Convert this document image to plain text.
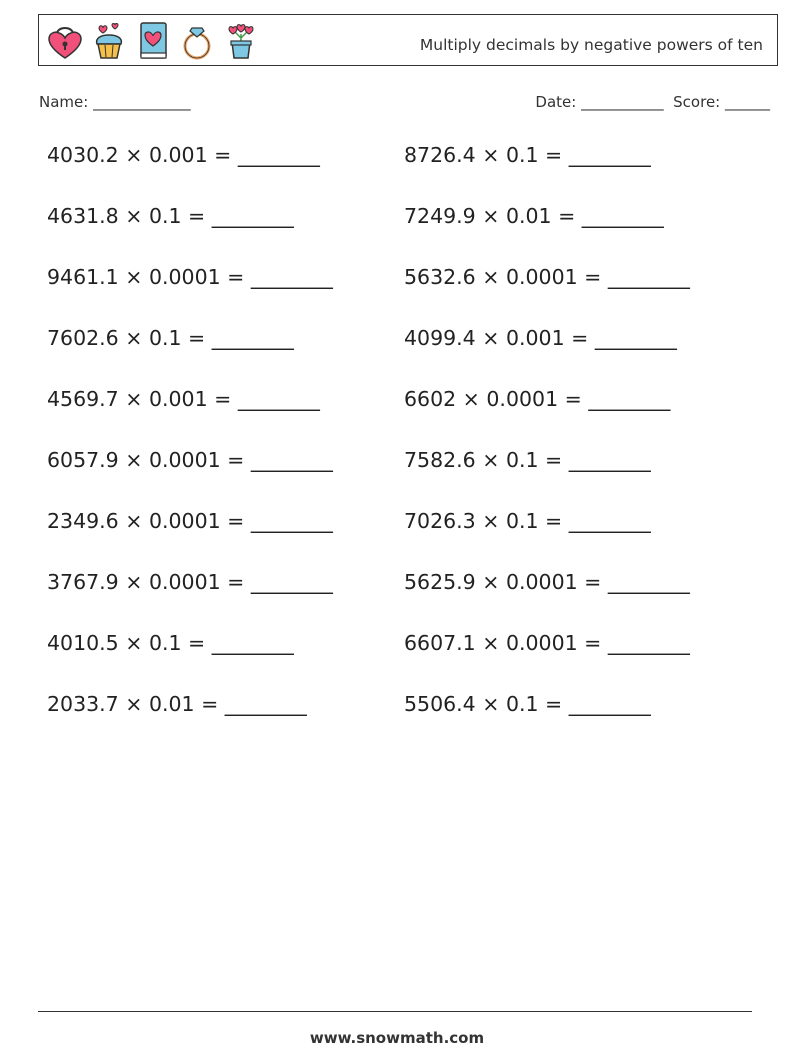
Multiply decimals by negative powers of ten
Name: _____________	Date: ___________ Score: ______
4030.2 × 0.001 = ________	8726.4 × 0.1 = ________
4631.8 × 0.1 = ________	7249.9 × 0.01 = ________
9461.1 × 0.0001 = ________	5632.6 × 0.0001 = ________
7602.6 × 0.1 = ________	4099.4 × 0.001 = ________
4569.7 × 0.001 = ________	6602 × 0.0001 = ________
6057.9 × 0.0001 = ________	7582.6 × 0.1 = ________
2349.6 × 0.0001 = ________	7026.3 × 0.1 = ________
3767.9 × 0.0001 = ________	5625.9 × 0.0001 = ________
4010.5 × 0.1 = ________	6607.1 × 0.0001 = ________
2033.7 × 0.01 = ________	5506.4 × 0.1 = ________
www.snowmath.com
